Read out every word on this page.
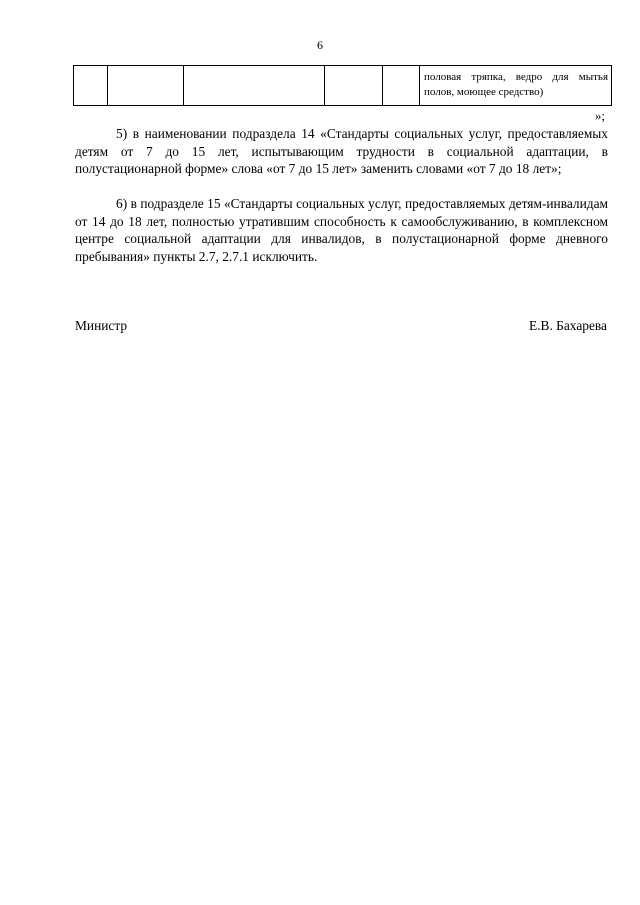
6
					половая тряпка, ведро для мытья полов, моющее средство)
»;

5) в наименовании подраздела 14 «Стандарты социальных услуг, предоставляемых детям от 7 до 15 лет, испытывающим трудности в социальной адаптации, в полустационарной форме» слова «от 7 до 15 лет» заменить словами «от 7 до 18 лет»;

6) в подразделе 15 «Стандарты социальных услуг, предоставляемых детям-инвалидам от 14 до 18 лет, полностью утратившим способность к самообслуживанию, в комплексном центре социальной адаптации для инвалидов, в полустационарной форме дневного пребывания» пункты 2.7, 2.7.1 исключить.

Министр	Е.В. Бахарева
